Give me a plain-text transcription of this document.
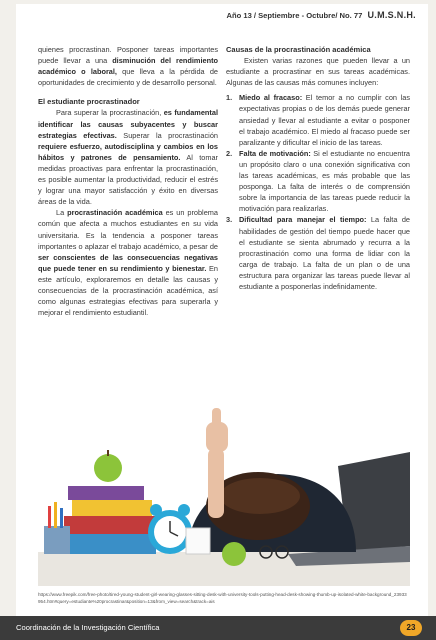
Año 13 / Septiembre - Octubre/ No. 77 U.M.S.N.H.

quienes procrastinan. Posponer tareas importantes puede llevar a una disminución del rendimiento académico o laboral, que lleva a la pérdida de oportunidades de crecimiento y de desarrollo personal.

El estudiante procrastinador

Para superar la procrastinación, es fundamental identificar las causas subyacentes y buscar estrategias efectivas. Superar la procrastinación requiere esfuerzo, autodisciplina y cambios en los hábitos y patrones de pensamiento. Al tomar medidas proactivas para enfrentar la procrastinación, es posible aumentar la productividad, reducir el estrés y lograr una mayor satisfacción y éxito en diversas áreas de la vida.

La procrastinación académica es un problema común que afecta a muchos estudiantes en su vida universitaria. Es la tendencia a posponer tareas importantes o aplazar el trabajo académico, a pesar de ser conscientes de las consecuencias negativas que puede tener en su rendimiento y bienestar. En este artículo, exploraremos en detalle las causas y consecuencias de la procrastinación académica, así como algunas estrategias efectivas para superarla y mejorar el rendimiento estudiantil.

Causas de la procrastinación académica

Existen varias razones que pueden llevar a un estudiante a procrastinar en sus tareas académicas. Algunas de las causas más comunes incluyen:

1. Miedo al fracaso: El temor a no cumplir con las expectativas propias o de los demás puede generar ansiedad y llevar al estudiante a evitar o posponer el trabajo académico. El miedo al fracaso puede ser paralizante y dificultar el inicio de las tareas.
2. Falta de motivación: Si el estudiante no encuentra un propósito claro o una conexión significativa con las tareas académicas, es más probable que las posponga. La falta de interés o de comprensión sobre la importancia de las tareas puede reducir la motivación para realizarlas.
3. Dificultad para manejar el tiempo: La falta de habilidades de gestión del tiempo puede hacer que el estudiante se sienta abrumado y recurra a la procrastinación como una forma de lidiar con la carga de trabajo. La falta de un plan o de una estructura para organizar las tareas puede llevar al estudiante a posponerlas indefinidamente.
https://www.freepik.com/free-photo/tired-young-student-girl-wearing-glasses-sitting-desk-with-university-tools-putting-head-desk-showing-thumb-up-isolated-white-background_23933954.htm#query=estudiante%20procrastinar&position=13&from_view=search&track=ais
Coordinación de la Investigación Científica	23
